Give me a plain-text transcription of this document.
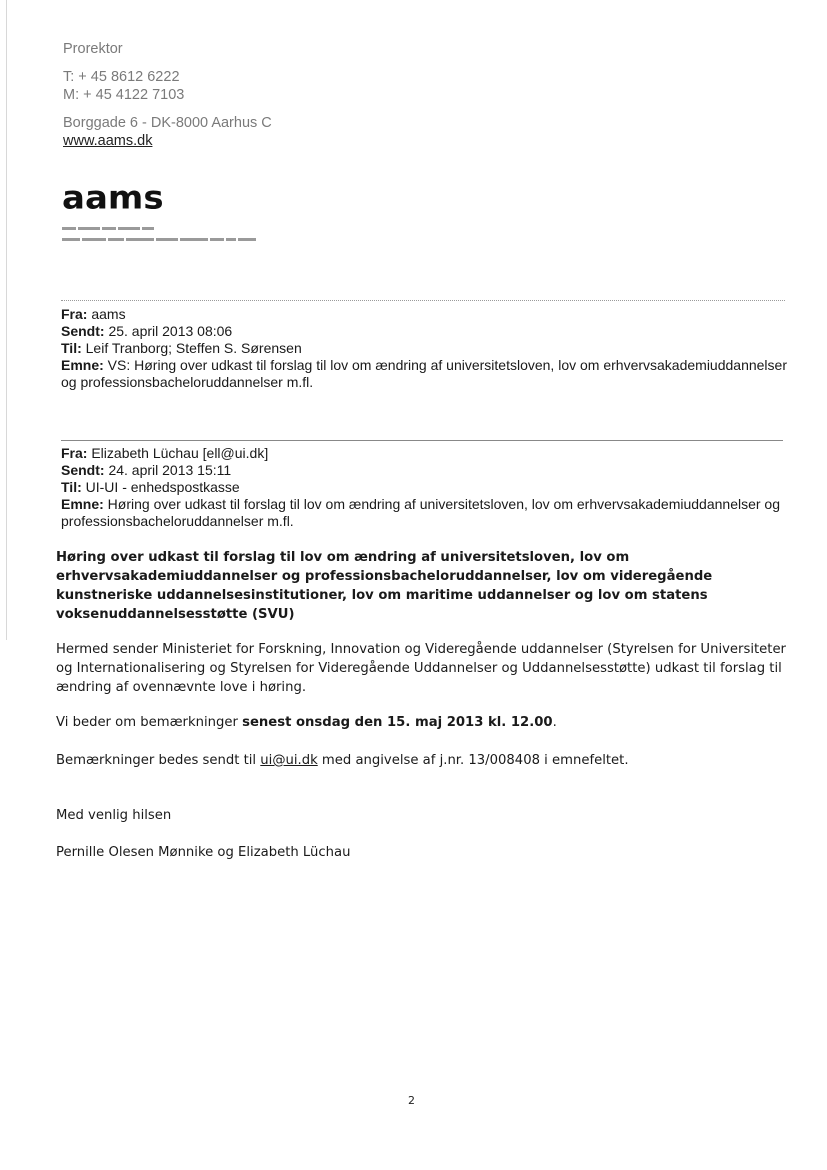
Prorektor
T: + 45 8612 6222
M: + 45 4122 7103
Borggade 6 - DK-8000 Aarhus C
www.aams.dk
aams
Fra: aams
Sendt: 25. april 2013 08:06
Til: Leif Tranborg; Steffen S. Sørensen
Emne: VS: Høring over udkast til forslag til lov om ændring af universitetsloven, lov om erhvervsakademiuddannelser og professionsbacheloruddannelser m.fl.
Fra: Elizabeth Lüchau [ell@ui.dk]
Sendt: 24. april 2013 15:11
Til: UI-UI - enhedspostkasse
Emne: Høring over udkast til forslag til lov om ændring af universitetsloven, lov om erhvervsakademiuddannelser og professionsbacheloruddannelser m.fl.
Høring over udkast til forslag til lov om ændring af universitetsloven, lov om erhvervsakademiuddannelser og professionsbacheloruddannelser, lov om videregående kunstneriske uddannelsesinstitutioner, lov om maritime uddannelser og lov om statens voksenuddannelsesstøtte (SVU)
Hermed sender Ministeriet for Forskning, Innovation og Videregående uddannelser (Styrelsen for Universiteter og Internationalisering og Styrelsen for Videregående Uddannelser og Uddannelsesstøtte) udkast til forslag til ændring af ovennævnte love i høring.
Vi beder om bemærkninger senest onsdag den 15. maj 2013 kl. 12.00.
Bemærkninger bedes sendt til ui@ui.dk med angivelse af j.nr. 13/008408 i emnefeltet.
Med venlig hilsen
Pernille Olesen Mønnike og Elizabeth Lüchau
2
